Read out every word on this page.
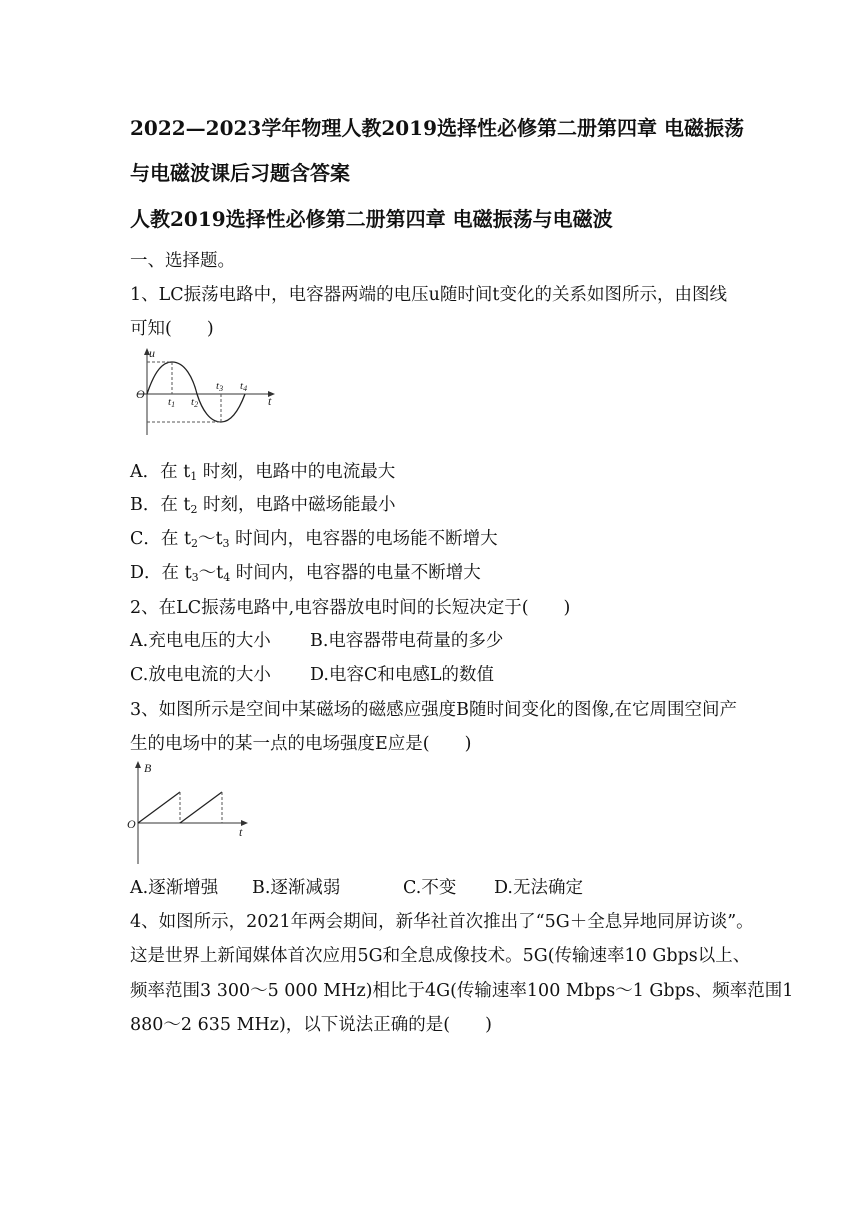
2022—2023学年物理人教2019选择性必修第二册第四章 电磁振荡
与电磁波课后习题含答案
人教2019选择性必修第二册第四章 电磁振荡与电磁波
一、选择题。
1、LC振荡电路中，电容器两端的电压u随时间t变化的关系如图所示，由图线
可知(　　)
u
O	t
t1 t2
t3 t4
A．在 $t_1$ 时刻，电路中的电流最大
B．在 $t_2$ 时刻，电路中磁场能最小
C．在 $t_2\sim t_3$ 时间内，电容器的电场能不断增大
D．在 $t_3\sim t_4$ 时间内，电容器的电量不断增大
2、在LC振荡电路中,电容器放电时间的长短决定于(　　)
A.充电电压的大小 B.电容器带电荷量的多少
C.放电电流的大小 D.电容C和电感L的数值
3、如图所示是空间中某磁场的磁感应强度B随时间变化的图像,在它周围空间产
生的电场中的某一点的电场强度E应是(　　)
B
O
t
A.逐渐增强 B.逐渐减弱	C.不变 D.无法确定
4、如图所示，2021年两会期间，新华社首次推出了“5G＋全息异地同屏访谈”。
这是世界上新闻媒体首次应用5G和全息成像技术。5G(传输速率10 Gbps以上、
频率范围3 300～5 000 MHz)相比于4G(传输速率100 Mbps～1 Gbps、频率范围1
880～2 635 MHz)，以下说法正确的是(　　)
